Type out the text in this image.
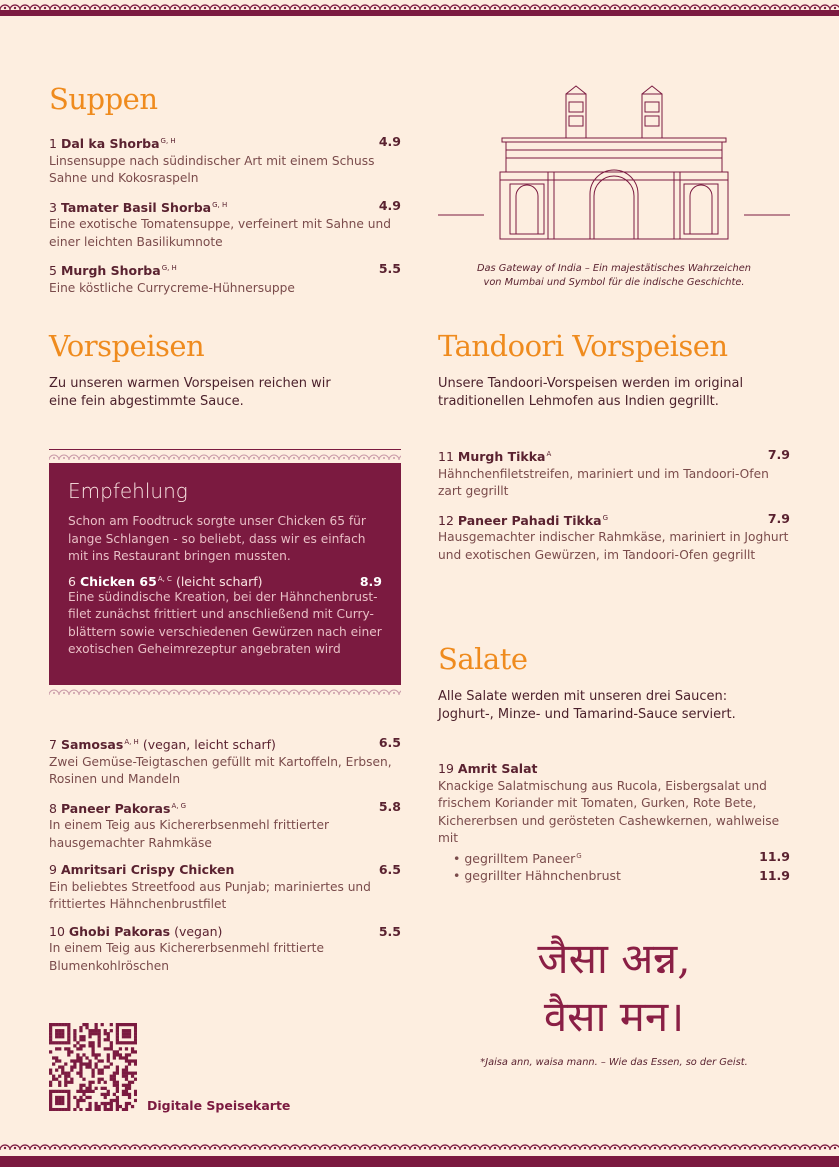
Suppen
1 Dal ka Shorba$^{G, H}$	4.9
Linsensuppe nach südindischer Art mit einem Schuss Sahne und Kokosraspeln
3 Tamater Basil Shorba$^{G, H}$	4.9
Eine exotische Tomatensuppe, verfeinert mit Sahne und einer leichten Basilikumnote
5 Murgh Shorba$^{G, H}$	5.5
Eine köstliche Currycreme-Hühnersuppe
Das Gateway of India – Ein majestätisches Wahrzeichen
von Mumbai und Symbol für die indische Geschichte.
Vorspeisen
Zu unseren warmen Vorspeisen reichen wir eine fein abgestimmte Sauce.
Empfehlung
Schon am Foodtruck sorgte unser Chicken 65 für lange Schlangen - so beliebt, dass wir es einfach mit ins Restaurant bringen mussten.
6 Chicken $65^{A, C}$ (leicht scharf)	8.9
Eine südindische Kreation, bei der Hähnchenbrust-filet zunächst frittiert und anschließend mit Curry-blättern sowie verschiedenen Gewürzen nach einer exotischen Geheimrezeptur angebraten wird
7 Samosas$^{A, H}$ (vegan, leicht scharf)	6.5
Zwei Gemüse-Teigtaschen gefüllt mit Kartoffeln, Erbsen, Rosinen und Mandeln
8 Paneer Pakoras$^{A, G}$	5.8
In einem Teig aus Kichererbsenmehl frittierter hausgemachter Rahmkäse
9 Amritsari Crispy Chicken	6.5
Ein beliebtes Streetfood aus Punjab; mariniertes und frittiertes Hähnchenbrustfilet
10 Ghobi Pakoras (vegan)	5.5
In einem Teig aus Kichererbsenmehl frittierte Blumenkohlröschen
Tandoori Vorspeisen
Unsere Tandoori-Vorspeisen werden im original traditionellen Lehmofen aus Indien gegrillt.
11 Murgh Tikka$^A$	7.9
Hähnchenfiletstreifen, mariniert und im Tandoori-Ofen zart gegrillt
12 Paneer Pahadi Tikka$^G$	7.9
Hausgemachter indischer Rahmkäse, mariniert in Joghurt und exotischen Gewürzen, im Tandoori-Ofen gegrillt
Salate
Alle Salate werden mit unseren drei Saucen: Joghurt-, Minze- und Tamarind-Sauce serviert.
19 Amrit Salat
Knackige Salatmischung aus Rucola, Eisbergsalat und frischem Koriander mit Tomaten, Gurken, Rote Bete, Kichererbsen und gerösteten Cashewkernen, wahlweise mit
• gegrilltem Paneer$^G$	11.9
• gegrillter Hähnchenbrust	11.9
जैसा अन्न,
वैसा मन।
*Jaisa ann, waisa mann. – Wie das Essen, so der Geist.
Digitale Speisekarte
